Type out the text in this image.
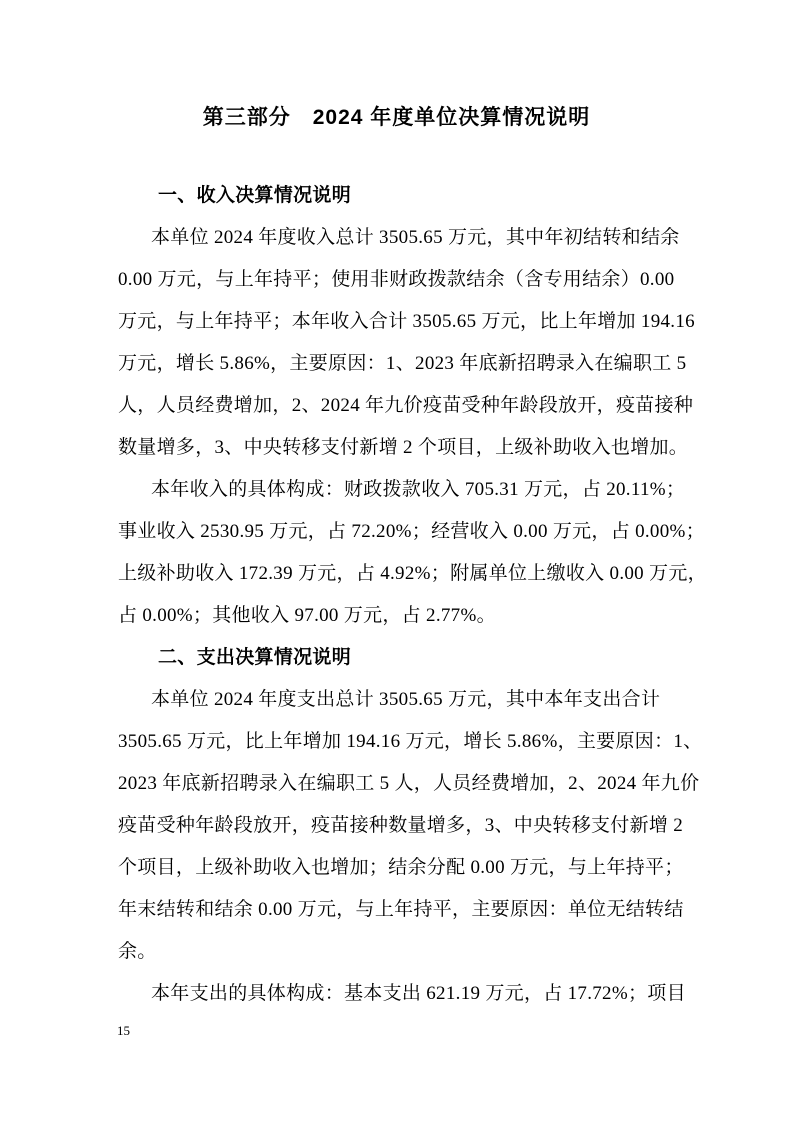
第三部分　2024 年度单位决算情况说明
一、收入决算情况说明
本单位 2024 年度收入总计 3505.65 万元，其中年初结转和结余
0.00 万元，与上年持平；使用非财政拨款结余（含专用结余）0.00
万元，与上年持平；本年收入合计 3505.65 万元，比上年增加 194.16
万元，增长 5.86%，主要原因：1、2023 年底新招聘录入在编职工 5
人，人员经费增加，2、2024 年九价疫苗受种年龄段放开，疫苗接种
数量增多，3、中央转移支付新增 2 个项目，上级补助收入也增加。
本年收入的具体构成：财政拨款收入 705.31 万元，占 20.11%；
事业收入 2530.95 万元，占 72.20%；经营收入 0.00 万元，占 0.00%；
上级补助收入 172.39 万元，占 4.92%；附属单位上缴收入 0.00 万元，
占 0.00%；其他收入 97.00 万元，占 2.77%。
二、支出决算情况说明
本单位 2024 年度支出总计 3505.65 万元，其中本年支出合计
3505.65 万元，比上年增加 194.16 万元，增长 5.86%，主要原因：1、
2023 年底新招聘录入在编职工 5 人，人员经费增加，2、2024 年九价
疫苗受种年龄段放开，疫苗接种数量增多，3、中央转移支付新增 2
个项目，上级补助收入也增加；结余分配 0.00 万元，与上年持平；
年末结转和结余 0.00 万元，与上年持平，主要原因：单位无结转结
余。
本年支出的具体构成：基本支出 621.19 万元，占 17.72%；项目
15
